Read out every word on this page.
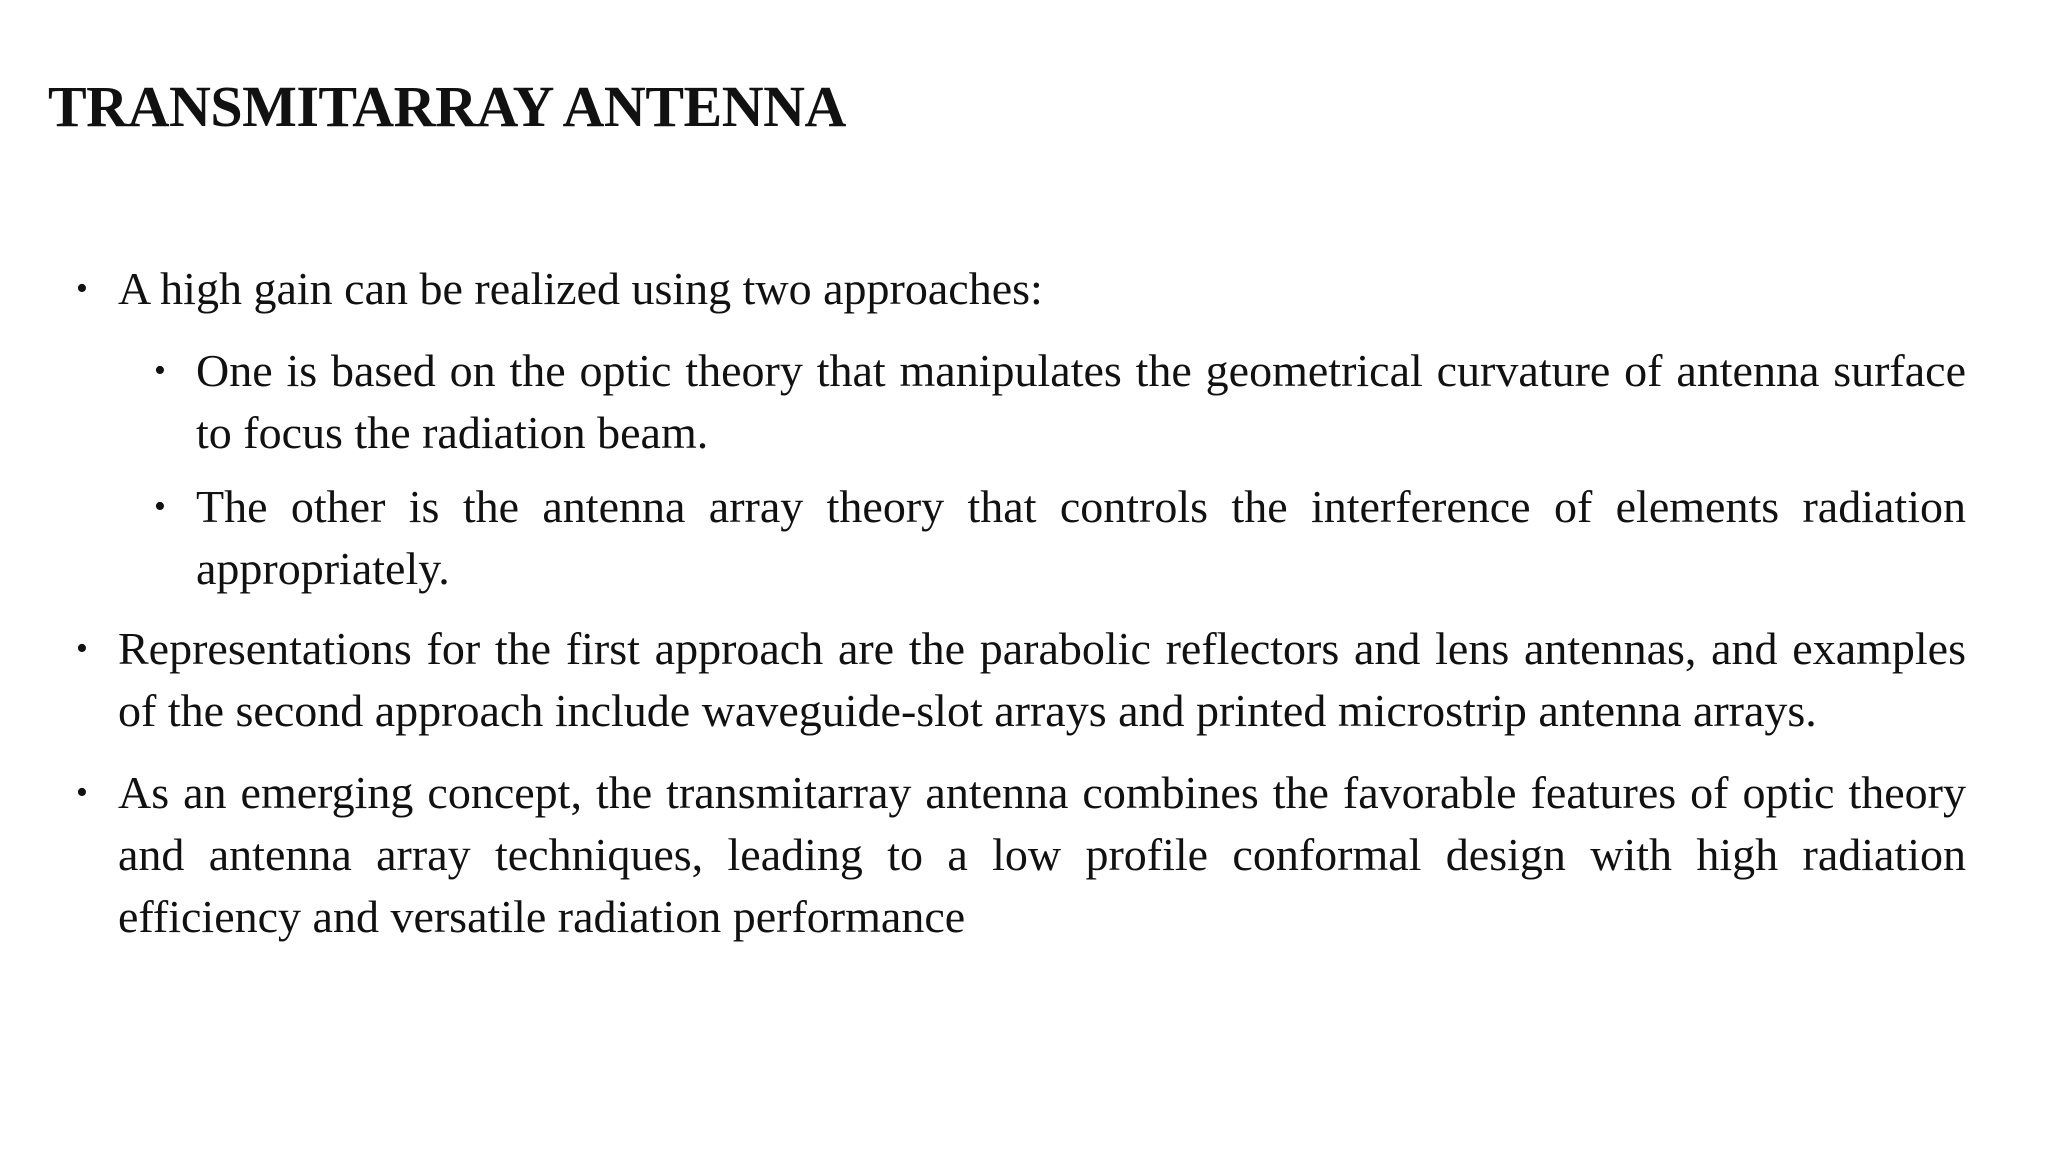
TRANSMITARRAY ANTENNA
• A high gain can be realized using two approaches:
• One is based on the optic theory that manipulates the geometrical curvature of antenna surface to focus the radiation beam.
• The other is the antenna array theory that controls the interference of elements radiation appropriately.
• Representations for the first approach are the parabolic reflectors and lens antennas, and examples of the second approach include waveguide-slot arrays and printed microstrip antenna arrays.
• As an emerging concept, the transmitarray antenna combines the favorable features of optic theory and antenna array techniques, leading to a low profile conformal design with high radiation efficiency and versatile radiation performance
